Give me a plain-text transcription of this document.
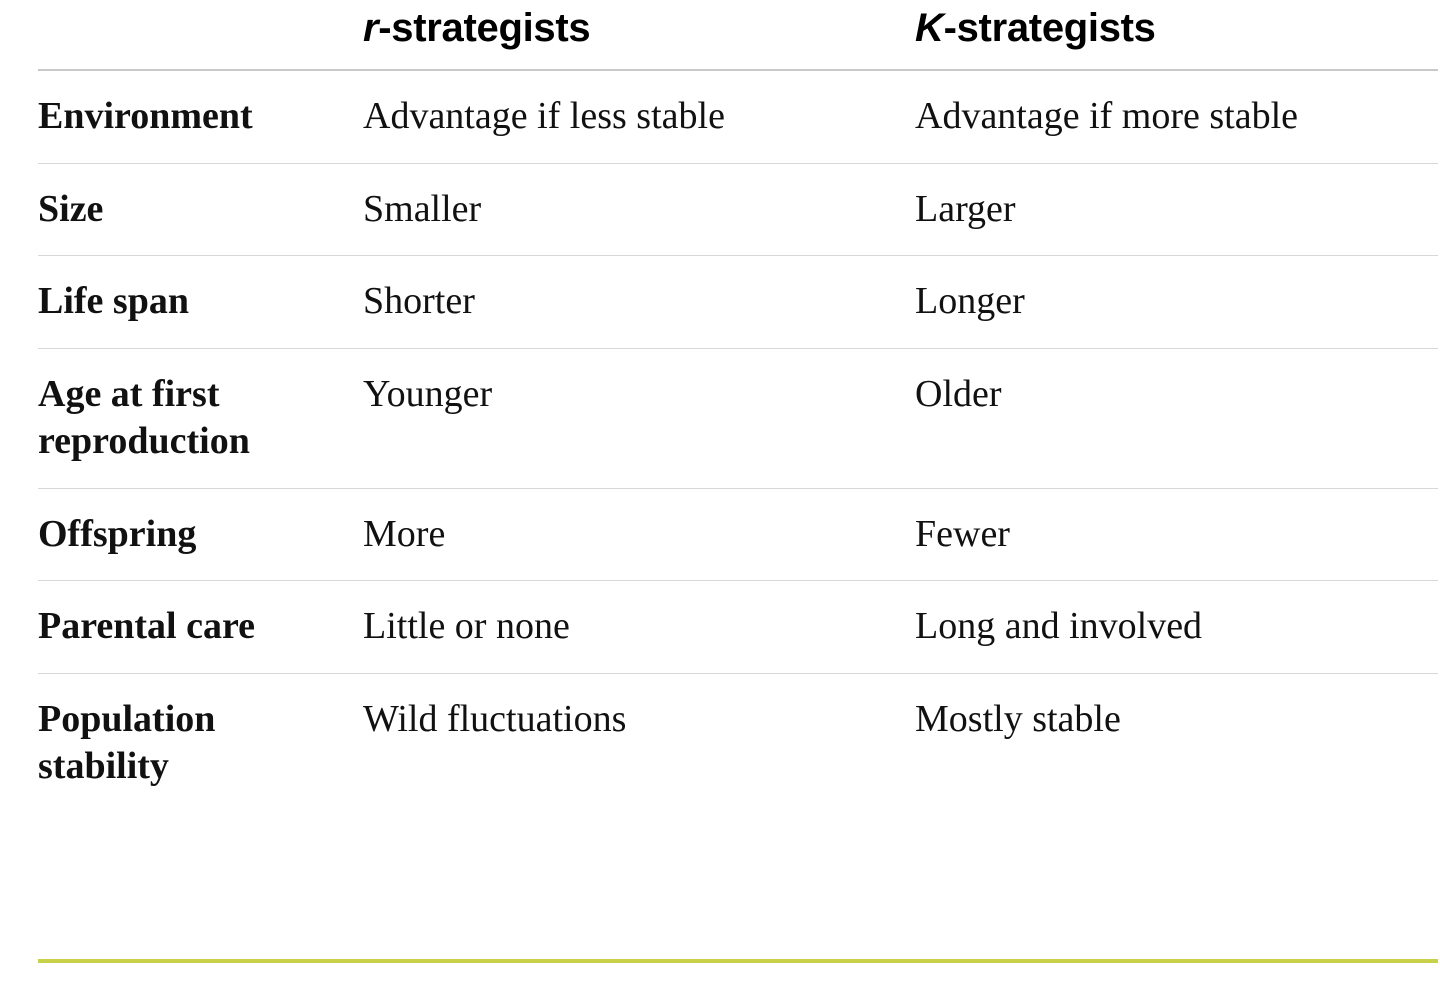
	r-strategists	K-strategists
Environment	Advantage if less stable	Advantage if more stable
Size	Smaller	Larger
Life span	Shorter	Longer
Age at first reproduction	Younger	Older
Offspring	More	Fewer
Parental care	Little or none	Long and involved
Population stability	Wild fluctuations	Mostly stable
